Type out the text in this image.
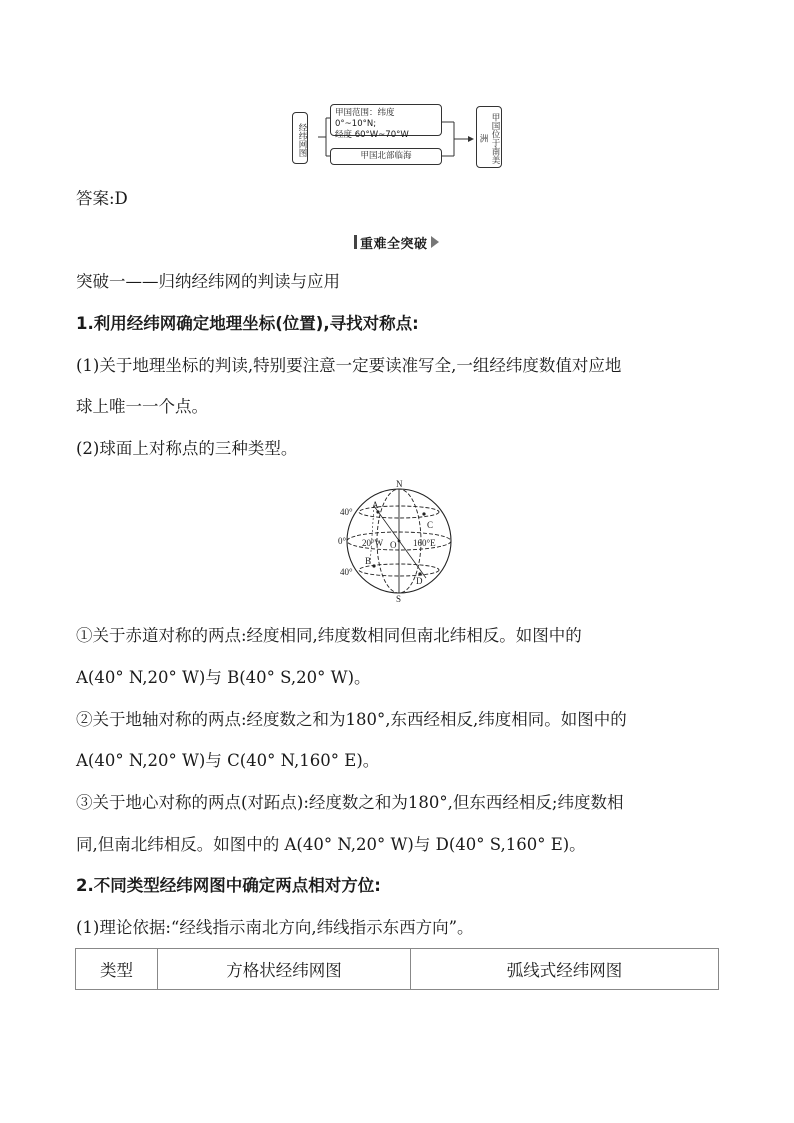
经纬网图
甲国范围：纬度 0°~10°N;
经度 60°W~70°W
甲国北部临海	甲国位于南美洲
答案:D
重难全突破
突破一——归纳经纬网的判读与应用
1.利用经纬网确定地理坐标(位置),寻找对称点:
(1)关于地理坐标的判读,特别要注意一定要读准写全,一组经纬度数值对应地
球上唯一一个点。
(2)球面上对称点的三种类型。
N
S
40°
0°
40°
A
B
C
D
O
20°W	160°E
①关于赤道对称的两点:经度相同,纬度数相同但南北纬相反。如图中的
A(40° N,20° W)与 B(40° S,20° W)。
②关于地轴对称的两点:经度数之和为180°,东西经相反,纬度相同。如图中的
A(40° N,20° W)与 C(40° N,160° E)。
③关于地心对称的两点(对跖点):经度数之和为180°,但东西经相反;纬度数相
同,但南北纬相反。如图中的 A(40° N,20° W)与 D(40° S,160° E)。
2.不同类型经纬网图中确定两点相对方位:
(1)理论依据:“经线指示南北方向,纬线指示东西方向”。
类型	方格状经纬网图	弧线式经纬网图
